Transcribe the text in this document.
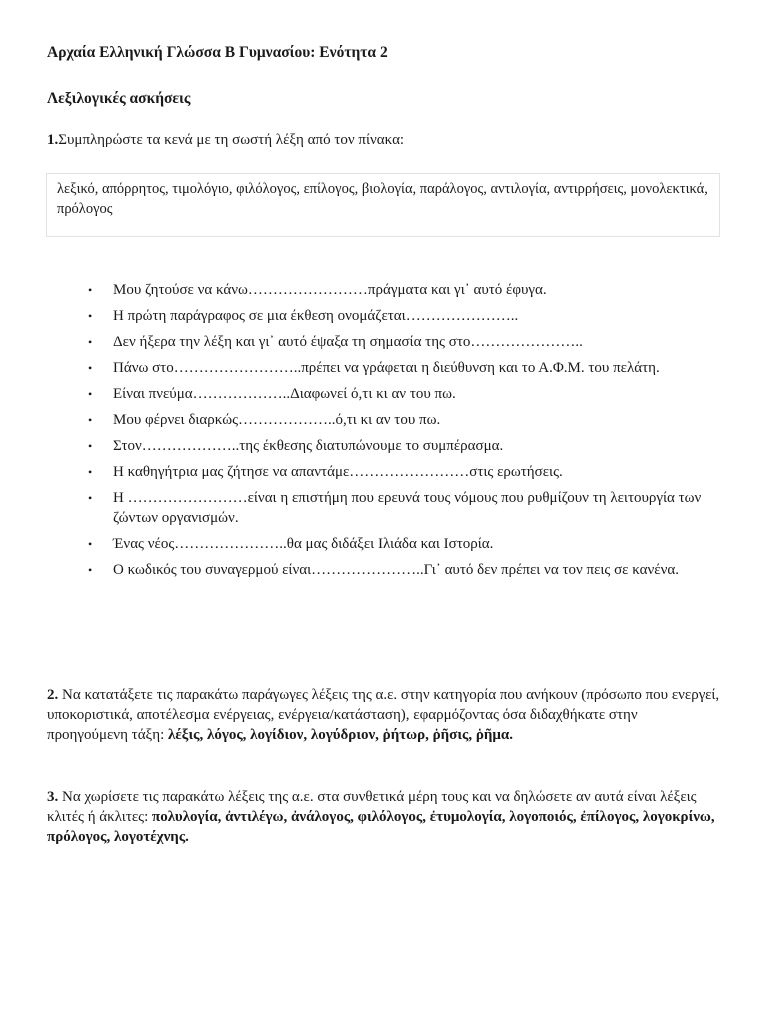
Αρχαία Ελληνική Γλώσσα Β Γυμνασίου: Ενότητα 2
Λεξιλογικές ασκήσεις
1.Συμπληρώστε τα κενά με τη σωστή λέξη από τον πίνακα:
λεξικό, απόρρητος, τιμολόγιο, φιλόλογος, επίλογος, βιολογία, παράλογος, αντιλογία, αντιρρήσεις, μονολεκτικά, πρόλογος
• Μου ζητούσε να κάνω……………………πράγματα και γι᾽ αυτό έφυγα.
• Η πρώτη παράγραφος σε μια έκθεση ονομάζεται…………………..
• Δεν ήξερα την λέξη και γι᾽ αυτό έψαξα τη σημασία της στο…………………..
• Πάνω στο……………………..πρέπει να γράφεται η διεύθυνση και το Α.Φ.Μ. του πελάτη.
• Είναι πνεύμα………………..Διαφωνεί ό,τι κι αν του πω.
• Μου φέρνει διαρκώς………………..ό,τι κι αν του πω.
• Στον………………..της έκθεσης διατυπώνουμε το συμπέρασμα.
• Η καθηγήτρια μας ζήτησε να απαντάμε……………………στις ερωτήσεις.
• Η ……………………είναι η επιστήμη που ερευνά τους νόμους που ρυθμίζουν τη λειτουργία των ζώντων οργανισμών.
• Ένας νέος…………………..θα μας διδάξει Ιλιάδα και Ιστορία.
• Ο κωδικός του συναγερμού είναι…………………..Γι᾽ αυτό δεν πρέπει να τον πεις σε κανένα.
2. Να κατατάξετε τις παρακάτω παράγωγες λέξεις της α.ε. στην κατηγορία που ανήκουν (πρόσωπο που ενεργεί, υποκοριστικά, αποτέλεσμα ενέργειας, ενέργεια/κατάσταση), εφαρμόζοντας όσα διδαχθήκατε στην προηγούμενη τάξη: λέξις, λόγος, λογίδιον, λογύδριον, ῥήτωρ, ῥῆσις, ῥῆμα.
3. Να χωρίσετε τις παρακάτω λέξεις της α.ε. στα συνθετικά μέρη τους και να δηλώσετε αν αυτά είναι λέξεις κλιτές ή άκλιτες: πολυλογία, ἀντιλέγω, ἀνάλογος, φιλόλογος, ἐτυμολογία, λογοποιός, ἐπίλογος, λογοκρίνω, πρόλογος, λογοτέχνης.
